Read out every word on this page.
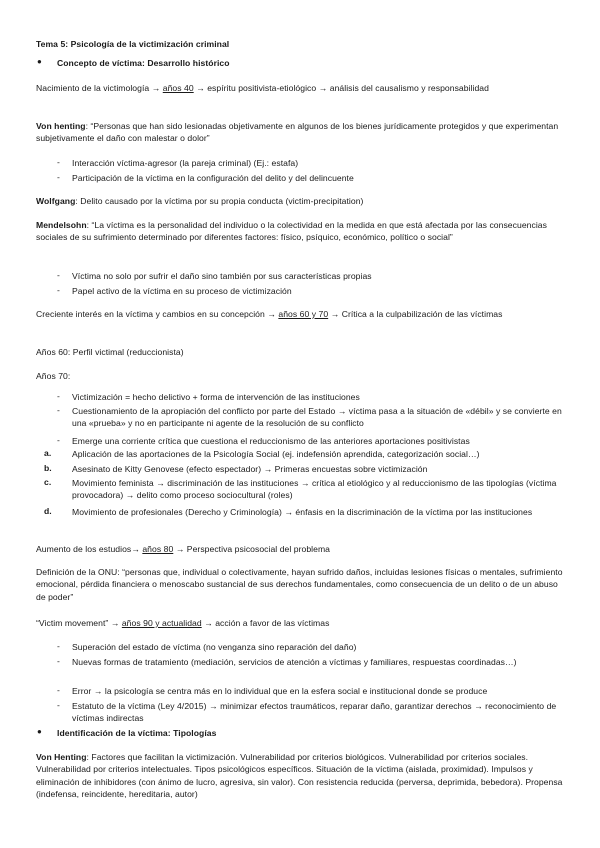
Tema 5: Psicología de la victimización criminal
● Concepto de víctima: Desarrollo histórico
Nacimiento de la victimología → años 40 → espíritu positivista-etiológico → análisis del causalismo y responsabilidad
Von henting: “Personas que han sido lesionadas objetivamente en algunos de los bienes jurídicamente protegidos y que experimentan subjetivamente el daño con malestar o dolor”
-	Interacción víctima-agresor (la pareja criminal) (Ej.: estafa)
-	Participación de la víctima en la configuración del delito y del delincuente
Wolfgang: Delito causado por la víctima por su propia conducta (victim-precipitation)
Mendelsohn: “La víctima es la personalidad del individuo o la colectividad en la medida en que está afectada por las consecuencias sociales de su sufrimiento determinado por diferentes factores: físico, psíquico, económico, político o social”
-	Víctima no solo por sufrir el daño sino también por sus características propias
-	Papel activo de la víctima en su proceso de victimización
Creciente interés en la víctima y cambios en su concepción → años 60 y 70 → Crítica a la culpabilización de las víctimas
Años 60: Perfil victimal (reduccionista)
Años 70:
-	Victimización = hecho delictivo + forma de intervención de las instituciones
-	Cuestionamiento de la apropiación del conflicto por parte del Estado → víctima pasa a la situación de «débil» y se convierte en una «prueba» y no en participante ni agente de la resolución de su conflicto
-	Emerge una corriente crítica que cuestiona el reduccionismo de las anteriores aportaciones positivistas
a. Aplicación de las aportaciones de la Psicología Social (ej. indefensión aprendida, categorización social…)
b. Asesinato de Kitty Genovese (efecto espectador) → Primeras encuestas sobre victimización
c. Movimiento feminista → discriminación de las instituciones → crítica al etiológico y al reduccionismo de las tipologías (víctima provocadora) → delito como proceso sociocultural (roles)
d. Movimiento de profesionales (Derecho y Criminología) → énfasis en la discriminación de la víctima por las instituciones
Aumento de los estudios→ años 80 → Perspectiva psicosocial del problema
Definición de la ONU: “personas que, individual o colectivamente, hayan sufrido daños, incluidas lesiones físicas o mentales, sufrimiento emocional, pérdida financiera o menoscabo sustancial de sus derechos fundamentales, como consecuencia de un delito o de un abuso de poder”
“Victim movement” → años 90 y actualidad → acción a favor de las víctimas
-	Superación del estado de víctima (no venganza sino reparación del daño)
-	Nuevas formas de tratamiento (mediación, servicios de atención a víctimas y familiares, respuestas coordinadas…)
-	Error → la psicología se centra más en lo individual que en la esfera social e institucional donde se produce
-	Estatuto de la víctima (Ley 4/2015) → minimizar efectos traumáticos, reparar daño, garantizar derechos → reconocimiento de víctimas indirectas
● Identificación de la víctima: Tipologías
Von Henting: Factores que facilitan la victimización. Vulnerabilidad por criterios biológicos. Vulnerabilidad por criterios sociales. Vulnerabilidad por criterios intelectuales. Tipos psicológicos específicos. Situación de la víctima (aislada, proximidad). Impulsos y eliminación de inhibidores (con ánimo de lucro, agresiva, sin valor). Con resistencia reducida (perversa, deprimida, bebedora). Propensa (indefensa, reincidente, hereditaria, autor)
